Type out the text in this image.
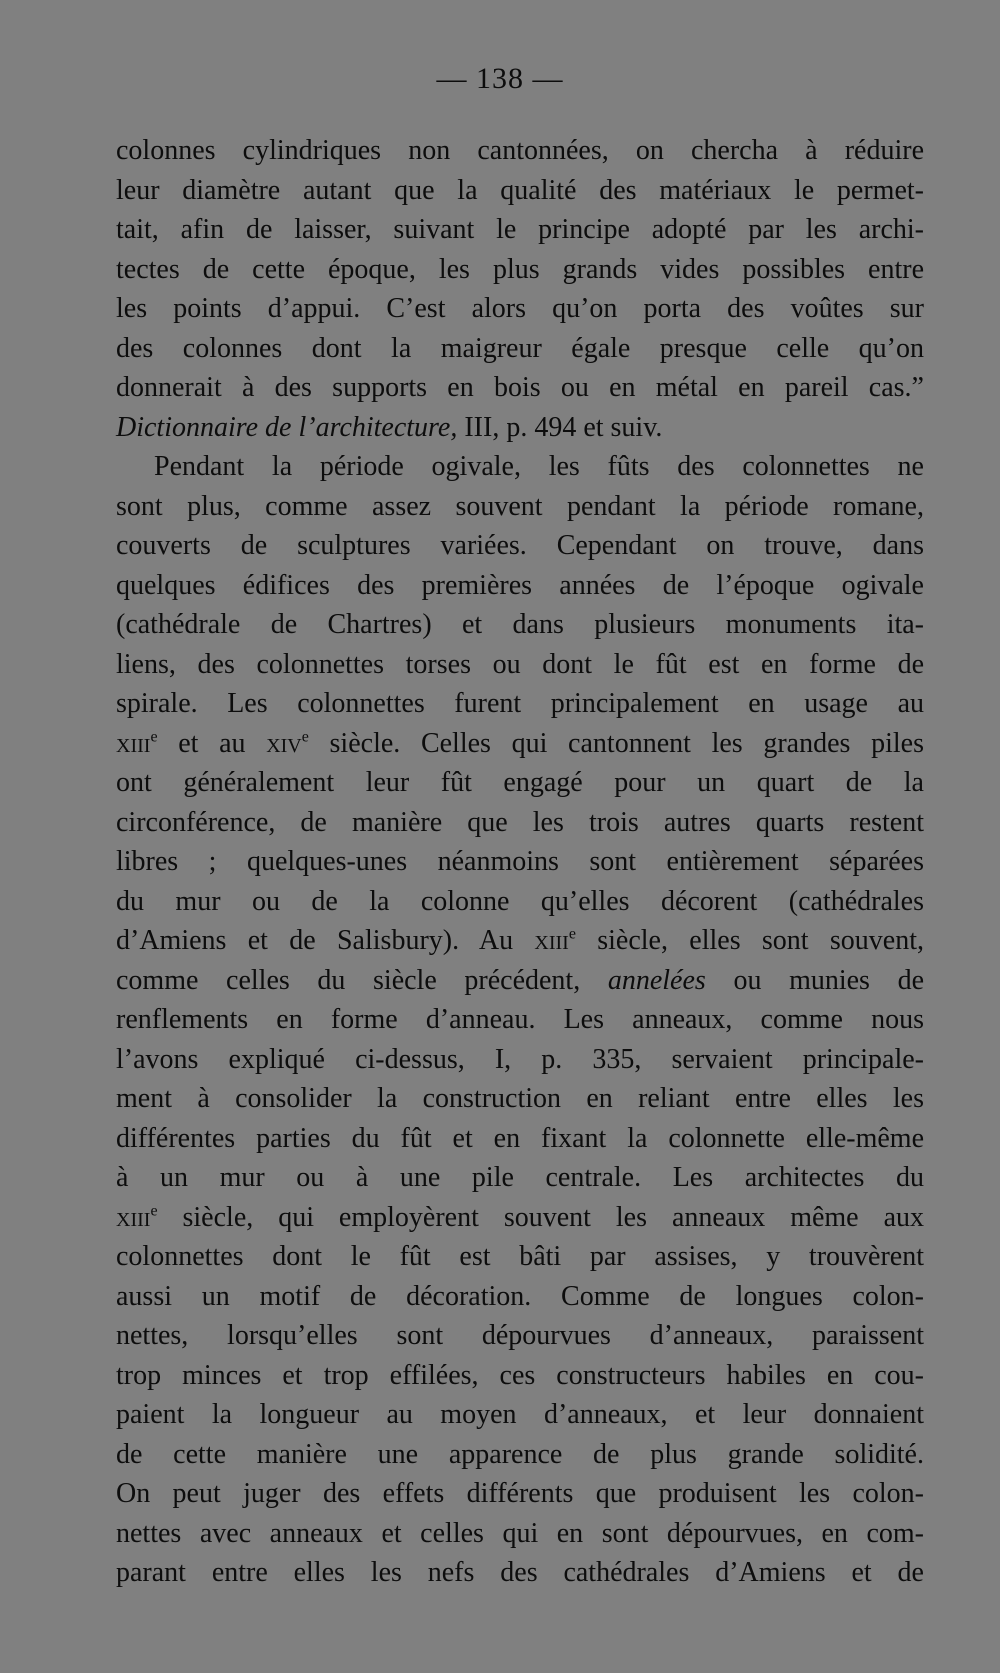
— 138 —
colonnes cylindriques non cantonnées, on chercha à réduire
leur diamètre autant que la qualité des matériaux le permet-
tait, afin de laisser, suivant le principe adopté par les archi-
tectes de cette époque, les plus grands vides possibles entre
les points d’appui. C’est alors qu’on porta des voûtes sur
des colonnes dont la maigreur égale presque celle qu’on
donnerait à des supports en bois ou en métal en pareil cas.”
Dictionnaire de l’architecture, III, p. 494 et suiv.
Pendant la période ogivale, les fûts des colonnettes ne
sont plus, comme assez souvent pendant la période romane,
couverts de sculptures variées. Cependant on trouve, dans
quelques édifices des premières années de l’époque ogivale
(cathédrale de Chartres) et dans plusieurs monuments ita-
liens, des colonnettes torses ou dont le fût est en forme de
spirale. Les colonnettes furent principalement en usage au
xiii$^e$ et au xiv$^e$ siècle. Celles qui cantonnent les grandes piles
ont généralement leur fût engagé pour un quart de la
circonférence, de manière que les trois autres quarts restent
libres ; quelques-unes néanmoins sont entièrement séparées
du mur ou de la colonne qu’elles décorent (cathédrales
d’Amiens et de Salisbury). Au xiii$^e$ siècle, elles sont souvent,
comme celles du siècle précédent, annelées ou munies de
renflements en forme d’anneau. Les anneaux, comme nous
l’avons expliqué ci-dessus, I, p. 335, servaient principale-
ment à consolider la construction en reliant entre elles les
différentes parties du fût et en fixant la colonnette elle-même
à un mur ou à une pile centrale. Les architectes du
xiii$^e$ siècle, qui employèrent souvent les anneaux même aux
colonnettes dont le fût est bâti par assises, y trouvèrent
aussi un motif de décoration. Comme de longues colon-
nettes, lorsqu’elles sont dépourvues d’anneaux, paraissent
trop minces et trop effilées, ces constructeurs habiles en cou-
paient la longueur au moyen d’anneaux, et leur donnaient
de cette manière une apparence de plus grande solidité.
On peut juger des effets différents que produisent les colon-
nettes avec anneaux et celles qui en sont dépourvues, en com-
parant entre elles les nefs des cathédrales d’Amiens et de
